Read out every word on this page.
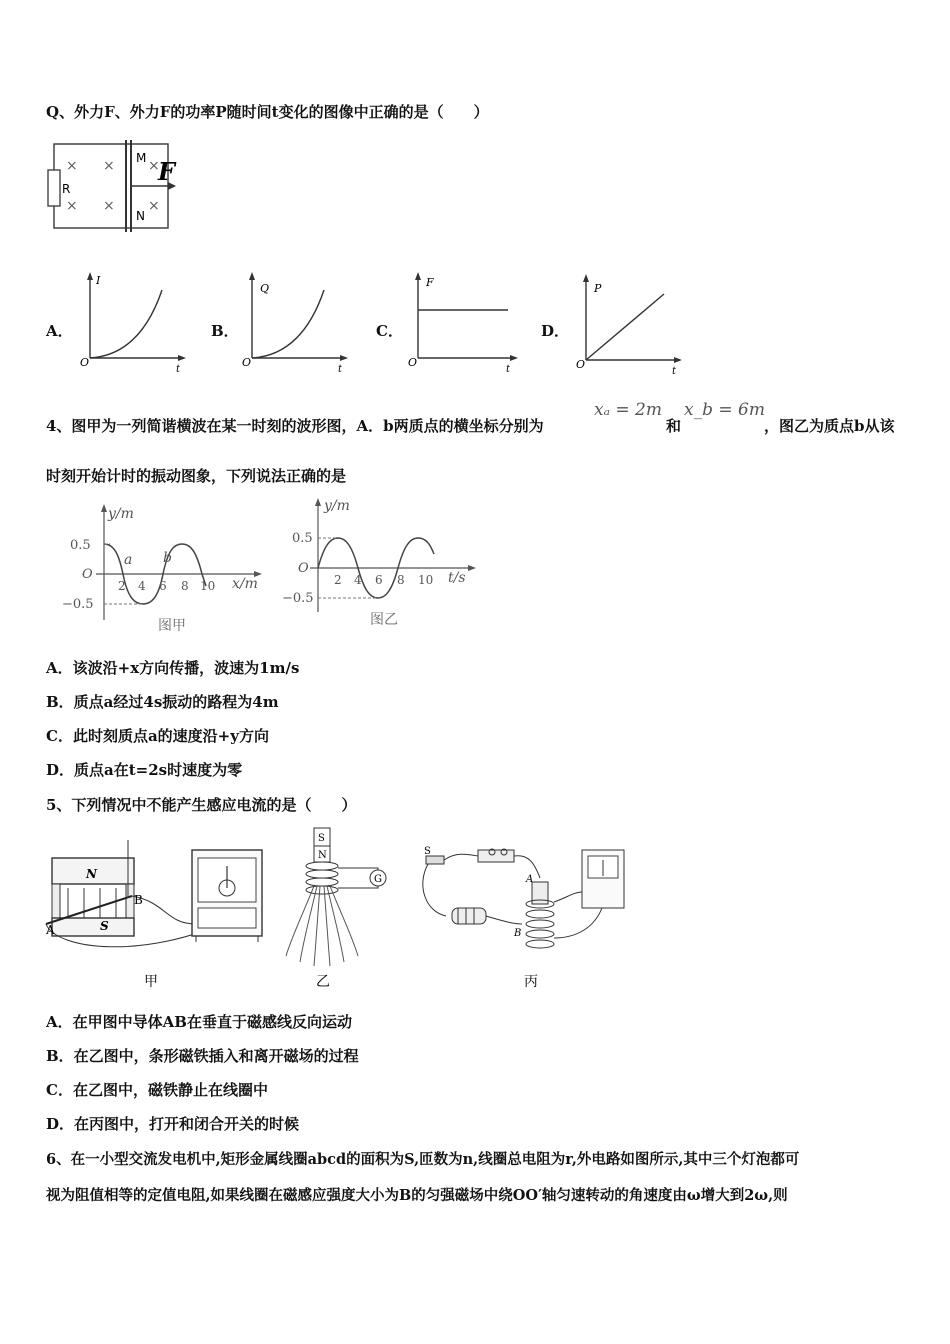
Q、外力F、外力F的功率P随时间t变化的图像中正确的是（　　）
R
M
N
F
× × ×
× × ×
A．
I
t
O
B．
Q
t
O
C．
F
t
O
D．
P
t
O
4、图甲为一列简谐横波在某一时刻的波形图，A．b两质点的横坐标分别为
xₐ = 2m
和
x_b = 6m
，图乙为质点b从该
时刻开始计时的振动图象，下列说法正确的是
y/m
0.5
−0.5
O
2 4 6 8 10
a b
x/m
图甲
y/m
0.5
−0.5
O
2 4 6 8 10 t/s
图乙
A．该波沿+x方向传播，波速为1m/s
B．质点a经过4s振动的路程为4m
C．此时刻质点a的速度沿+y方向
D．质点a在t=2s时速度为零
5、下列情况中不能产生感应电流的是（　　）
N
S
A
B
甲
S
N
G
乙
S
A
B
丙
A．在甲图中导体AB在垂直于磁感线反向运动
B．在乙图中，条形磁铁插入和离开磁场的过程
C．在乙图中，磁铁静止在线圈中
D．在丙图中，打开和闭合开关的时候
6、在一小型交流发电机中,矩形金属线圈abcd的面积为S,匝数为n,线圈总电阻为r,外电路如图所示,其中三个灯泡都可
视为阻值相等的定值电阻,如果线圈在磁感应强度大小为B的匀强磁场中绕OO′轴匀速转动的角速度由ω增大到2ω,则
